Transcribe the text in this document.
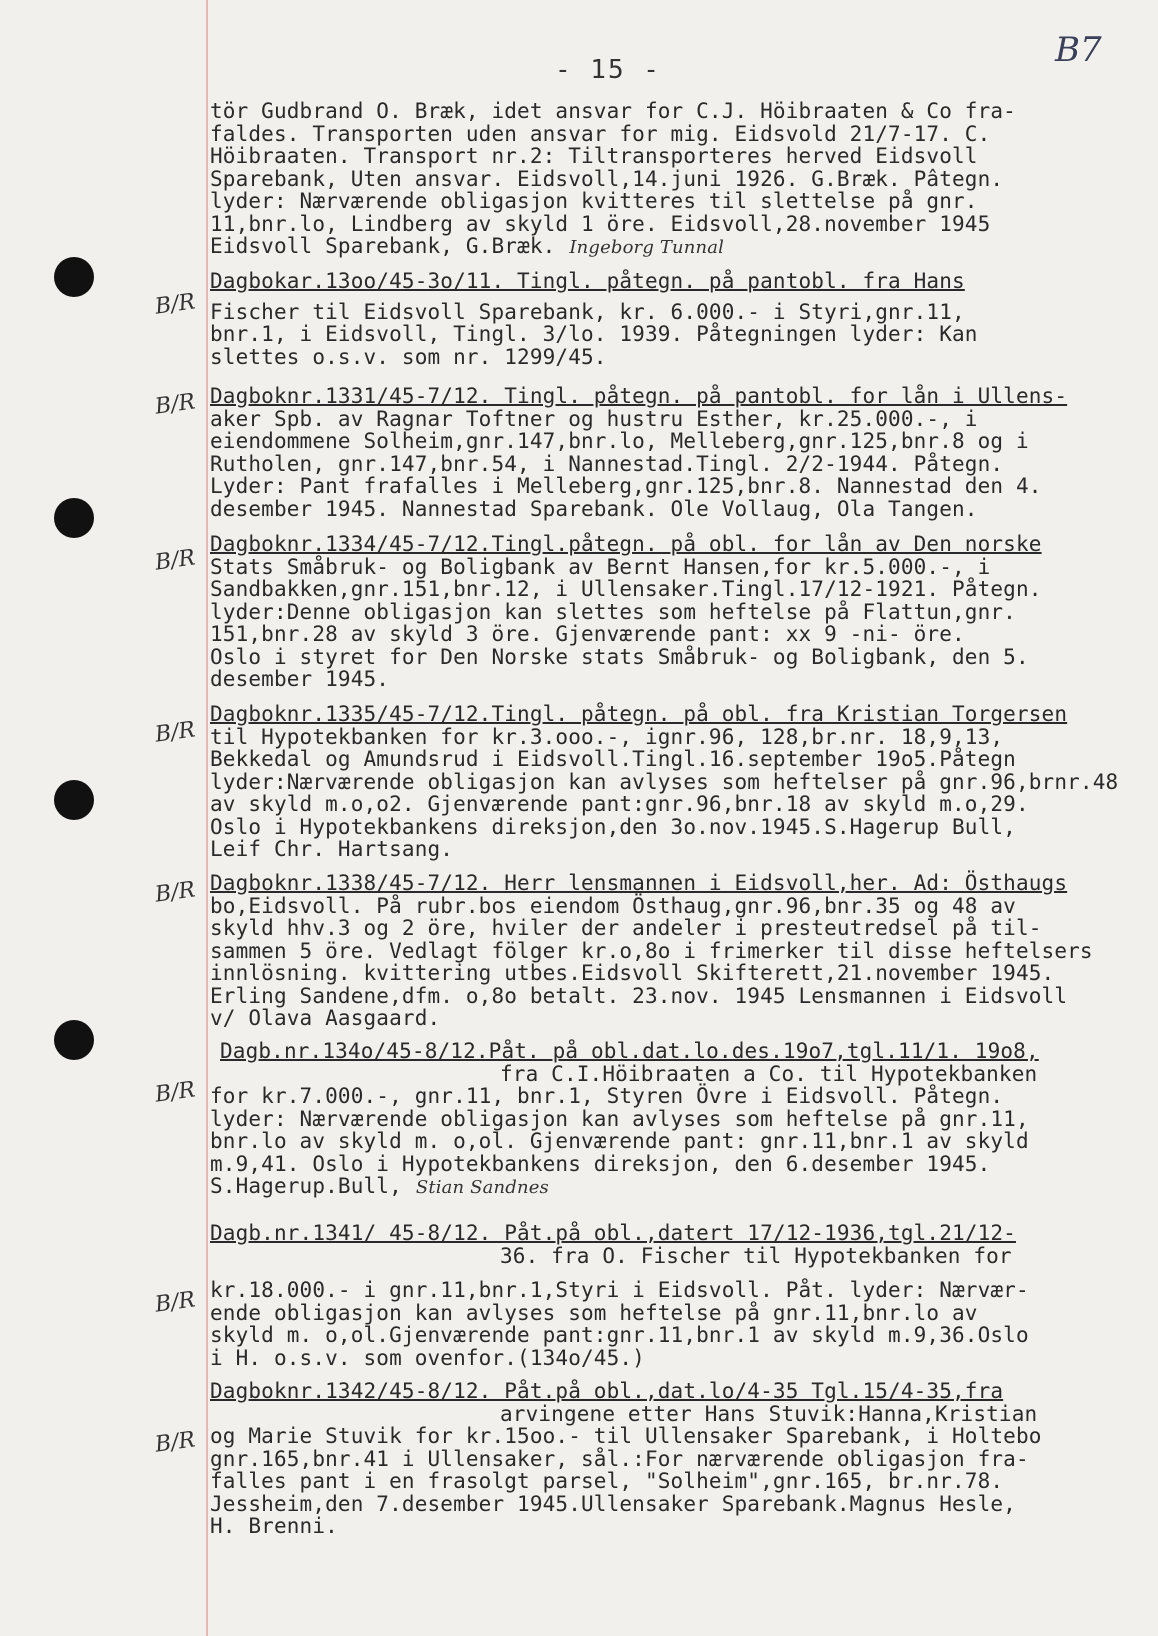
- 15 -	B7
tör Gudbrand O. Bræk, idet ansvar for C.J. Höibraaten & Co fra-
faldes. Transporten uden ansvar for mig. Eidsvold 21/7-17. C.
Höibraaten. Transport nr.2: Tiltransporteres herved Eidsvoll
Sparebank, Uten ansvar. Eidsvoll,14.juni 1926. G.Bræk. Pâtegn.
lyder: Nærværende obligasjon kvitteres til slettelse på gnr.
11,bnr.lo, Lindberg av skyld 1 öre. Eidsvoll,28.november 1945
Eidsvoll Sparebank, G.Bræk. Ingeborg Tunnal
B/R
Dagbokar.13oo/45-3o/11. Tingl. påtegn. på pantobl. fra Hans
Fischer til Eidsvoll Sparebank, kr. 6.000.- i Styri,gnr.11,
bnr.1, i Eidsvoll, Tingl. 3/lo. 1939. Påtegningen lyder: Kan
slettes o.s.v. som nr. 1299/45.
B/R Dagboknr.1331/45-7/12. Tingl. påtegn. på pantobl. for lån i Ullens-
aker Spb. av Ragnar Toftner og hustru Esther, kr.25.000.-, i
eiendommene Solheim,gnr.147,bnr.lo, Melleberg,gnr.125,bnr.8 og i
Rutholen, gnr.147,bnr.54, i Nannestad.Tingl. 2/2-1944. Påtegn.
Lyder: Pant frafalles i Melleberg,gnr.125,bnr.8. Nannestad den 4.
desember 1945. Nannestad Sparebank. Ole Vollaug, Ola Tangen.
B/R
Dagboknr.1334/45-7/12.Tingl.påtegn. på obl. for lån av Den norske
Stats Småbruk- og Boligbank av Bernt Hansen,for kr.5.000.-, i
Sandbakken,gnr.151,bnr.12, i Ullensaker.Tingl.17/12-1921. Påtegn.
lyder:Denne obligasjon kan slettes som heftelse på Flattun,gnr.
151,bnr.28 av skyld 3 öre. Gjenværende pant: xx 9 -ni- öre.
Oslo i styret for Den Norske stats Småbruk- og Boligbank, den 5.
desember 1945.
B/R
Dagboknr.1335/45-7/12.Tingl. påtegn. på obl. fra Kristian Torgersen
til Hypotekbanken for kr.3.ooo.-, ignr.96, 128,br.nr. 18,9,13,
Bekkedal og Amundsrud i Eidsvoll.Tingl.16.september 19o5.Påtegn
lyder:Nærværende obligasjon kan avlyses som heftelser på gnr.96,brnr.48
av skyld m.o,o2. Gjenværende pant:gnr.96,bnr.18 av skyld m.o,29.
Oslo i Hypotekbankens direksjon,den 3o.nov.1945.S.Hagerup Bull,
Leif Chr. Hartsang.
B/R Dagboknr.1338/45-7/12. Herr lensmannen i Eidsvoll,her. Ad: Östhaugs
bo,Eidsvoll. På rubr.bos eiendom Östhaug,gnr.96,bnr.35 og 48 av
skyld hhv.3 og 2 öre, hviler der andeler i presteutredsel på til-
sammen 5 öre. Vedlagt fölger kr.o,8o i frimerker til disse heftelsers
innlösning. kvittering utbes.Eidsvoll Skifterett,21.november 1945.
Erling Sandene,dfm. o,8o betalt. 23.nov. 1945 Lensmannen i Eidsvoll
v/ Olava Aasgaard.
B/R
Dagb.nr.134o/45-8/12.Påt. på obl.dat.lo.des.19o7,tgl.11/1. 19o8,
fra C.I.Höibraaten a Co. til Hypotekbanken
for kr.7.000.-, gnr.11, bnr.1, Styren Övre i Eidsvoll. Påtegn.
lyder: Nærværende obligasjon kan avlyses som heftelse på gnr.11,
bnr.lo av skyld m. o,ol. Gjenværende pant: gnr.11,bnr.1 av skyld
m.9,41. Oslo i Hypotekbankens direksjon, den 6.desember 1945.
S.Hagerup.Bull, Stian Sandnes
B/R
Dagb.nr.1341/ 45-8/12. Påt.på obl.,datert 17/12-1936,tgl.21/12-
36. fra O. Fischer til Hypotekbanken for
kr.18.000.- i gnr.11,bnr.1,Styri i Eidsvoll. Påt. lyder: Nærvær-
ende obligasjon kan avlyses som heftelse på gnr.11,bnr.lo av
skyld m. o,ol.Gjenværende pant:gnr.11,bnr.1 av skyld m.9,36.Oslo
i H. o.s.v. som ovenfor.(134o/45.)
B/R
Dagboknr.1342/45-8/12. Påt.på obl.,dat.lo/4-35 Tgl.15/4-35,fra
arvingene etter Hans Stuvik:Hanna,Kristian
og Marie Stuvik for kr.15oo.- til Ullensaker Sparebank, i Holtebo
gnr.165,bnr.41 i Ullensaker, sål.:For nærværende obligasjon fra-
falles pant i en frasolgt parsel, "Solheim",gnr.165, br.nr.78.
Jessheim,den 7.desember 1945.Ullensaker Sparebank.Magnus Hesle,
H. Brenni.
